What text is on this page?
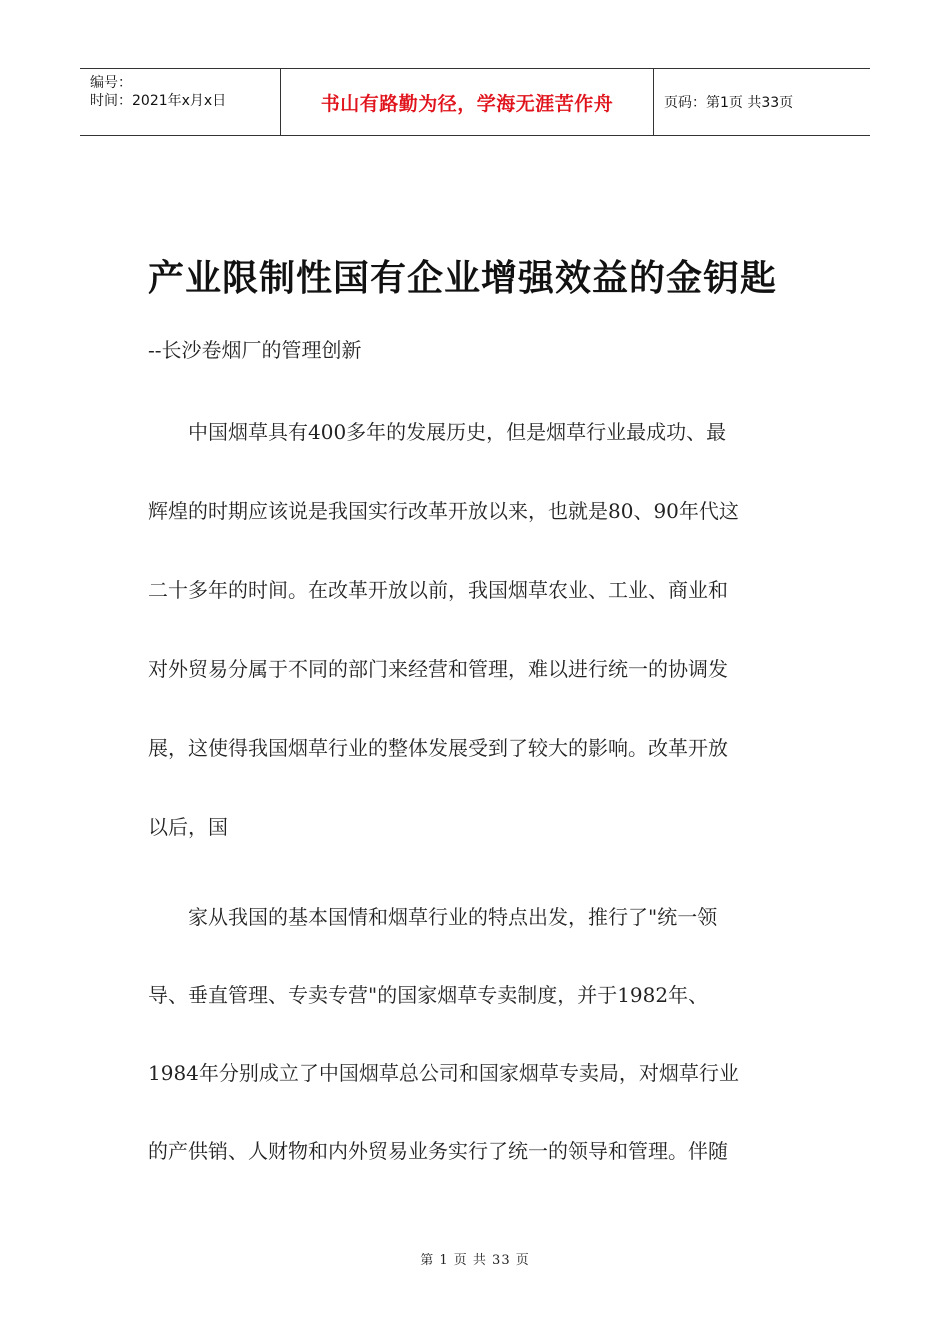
编号：
时间：2021年x月x日	书山有路勤为径，学海无涯苦作舟	页码：第1页 共33页
产业限制性国有企业增强效益的金钥匙
--长沙卷烟厂的管理创新
　　中国烟草具有400多年的发展历史，但是烟草行业最成功、最
辉煌的时期应该说是我国实行改革开放以来，也就是80、90年代这
二十多年的时间。在改革开放以前，我国烟草农业、工业、商业和
对外贸易分属于不同的部门来经营和管理，难以进行统一的协调发
展，这使得我国烟草行业的整体发展受到了较大的影响。改革开放
以后，国
　　家从我国的基本国情和烟草行业的特点出发，推行了"统一领
导、垂直管理、专卖专营"的国家烟草专卖制度，并于1982年、
1984年分别成立了中国烟草总公司和国家烟草专卖局，对烟草行业
的产供销、人财物和内外贸易业务实行了统一的领导和管理。伴随
第 1 页 共 33 页
